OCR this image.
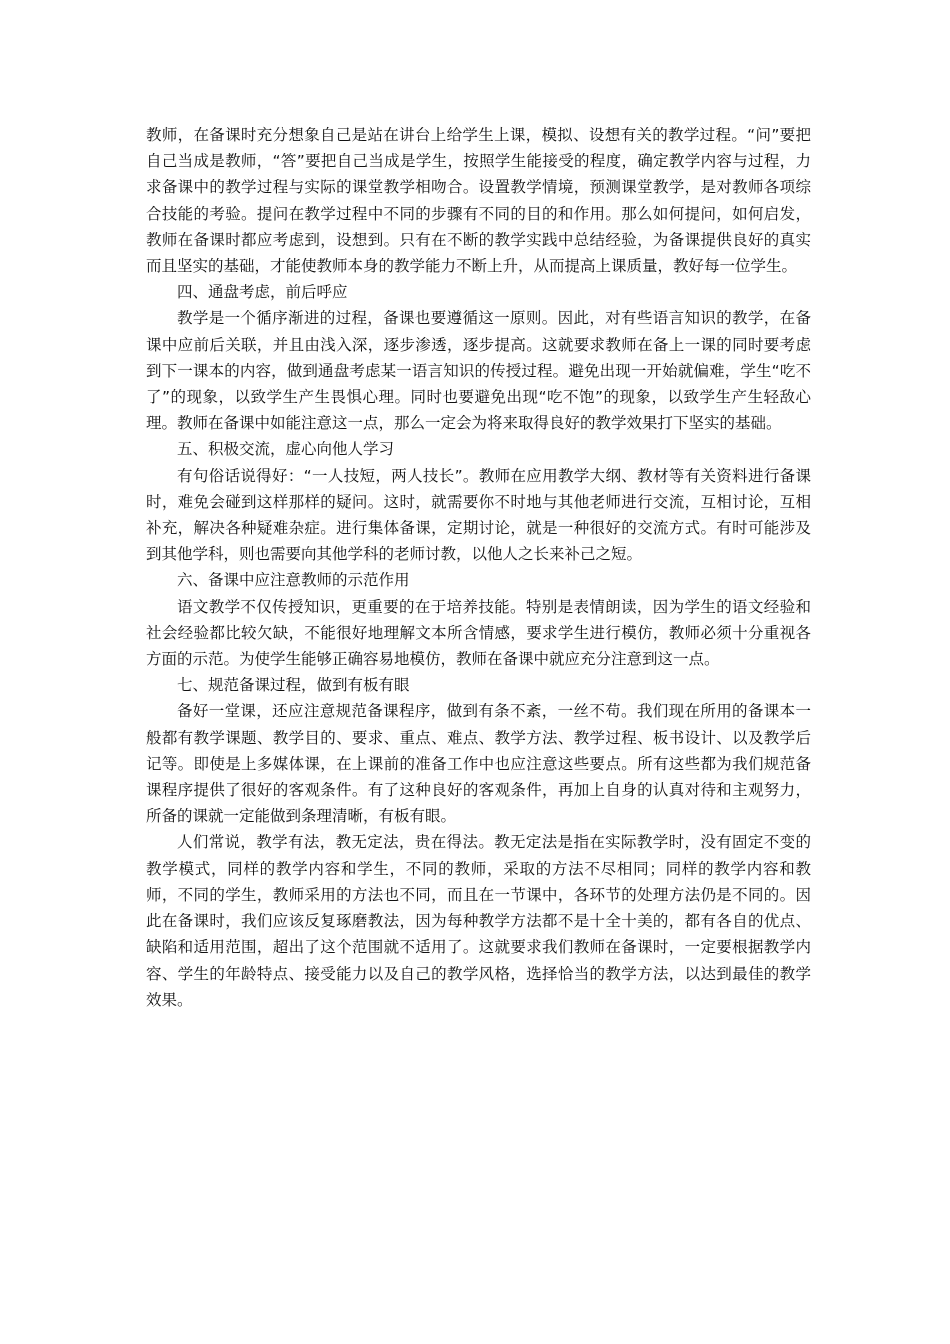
教师，在备课时充分想象自己是站在讲台上给学生上课，模拟、设想有关的教学过程。“问”要把自己当成是教师，“答”要把自己当成是学生，按照学生能接受的程度，确定教学内容与过程，力求备课中的教学过程与实际的课堂教学相吻合。设置教学情境，预测课堂教学，是对教师各项综合技能的考验。提问在教学过程中不同的步骤有不同的目的和作用。那么如何提问，如何启发，教师在备课时都应考虑到，设想到。只有在不断的教学实践中总结经验，为备课提供良好的真实而且坚实的基础，才能使教师本身的教学能力不断上升，从而提高上课质量，教好每一位学生。

四、通盘考虑，前后呼应

教学是一个循序渐进的过程，备课也要遵循这一原则。因此，对有些语言知识的教学，在备课中应前后关联，并且由浅入深，逐步渗透，逐步提高。这就要求教师在备上一课的同时要考虑到下一课本的内容，做到通盘考虑某一语言知识的传授过程。避免出现一开始就偏难，学生“吃不了”的现象，以致学生产生畏惧心理。同时也要避免出现“吃不饱”的现象，以致学生产生轻敌心理。教师在备课中如能注意这一点，那么一定会为将来取得良好的教学效果打下坚实的基础。

五、积极交流，虚心向他人学习

有句俗话说得好：“一人技短，两人技长”。教师在应用教学大纲、教材等有关资料进行备课时，难免会碰到这样那样的疑问。这时，就需要你不时地与其他老师进行交流，互相讨论，互相补充，解决各种疑难杂症。进行集体备课，定期讨论，就是一种很好的交流方式。有时可能涉及到其他学科，则也需要向其他学科的老师讨教，以他人之长来补己之短。

六、备课中应注意教师的示范作用

语文教学不仅传授知识，更重要的在于培养技能。特别是表情朗读，因为学生的语文经验和社会经验都比较欠缺，不能很好地理解文本所含情感，要求学生进行模仿，教师必须十分重视各方面的示范。为使学生能够正确容易地模仿，教师在备课中就应充分注意到这一点。

七、规范备课过程，做到有板有眼

备好一堂课，还应注意规范备课程序，做到有条不紊，一丝不苟。我们现在所用的备课本一般都有教学课题、教学目的、要求、重点、难点、教学方法、教学过程、板书设计、以及教学后记等。即使是上多媒体课，在上课前的准备工作中也应注意这些要点。所有这些都为我们规范备课程序提供了很好的客观条件。有了这种良好的客观条件，再加上自身的认真对待和主观努力，所备的课就一定能做到条理清晰，有板有眼。

人们常说，教学有法，教无定法，贵在得法。教无定法是指在实际教学时，没有固定不变的教学模式，同样的教学内容和学生，不同的教师，采取的方法不尽相同；同样的教学内容和教师，不同的学生，教师采用的方法也不同，而且在一节课中，各环节的处理方法仍是不同的。因此在备课时，我们应该反复琢磨教法，因为每种教学方法都不是十全十美的，都有各自的优点、缺陷和适用范围，超出了这个范围就不适用了。这就要求我们教师在备课时，一定要根据教学内容、学生的年龄特点、接受能力以及自己的教学风格，选择恰当的教学方法，以达到最佳的教学效果。
